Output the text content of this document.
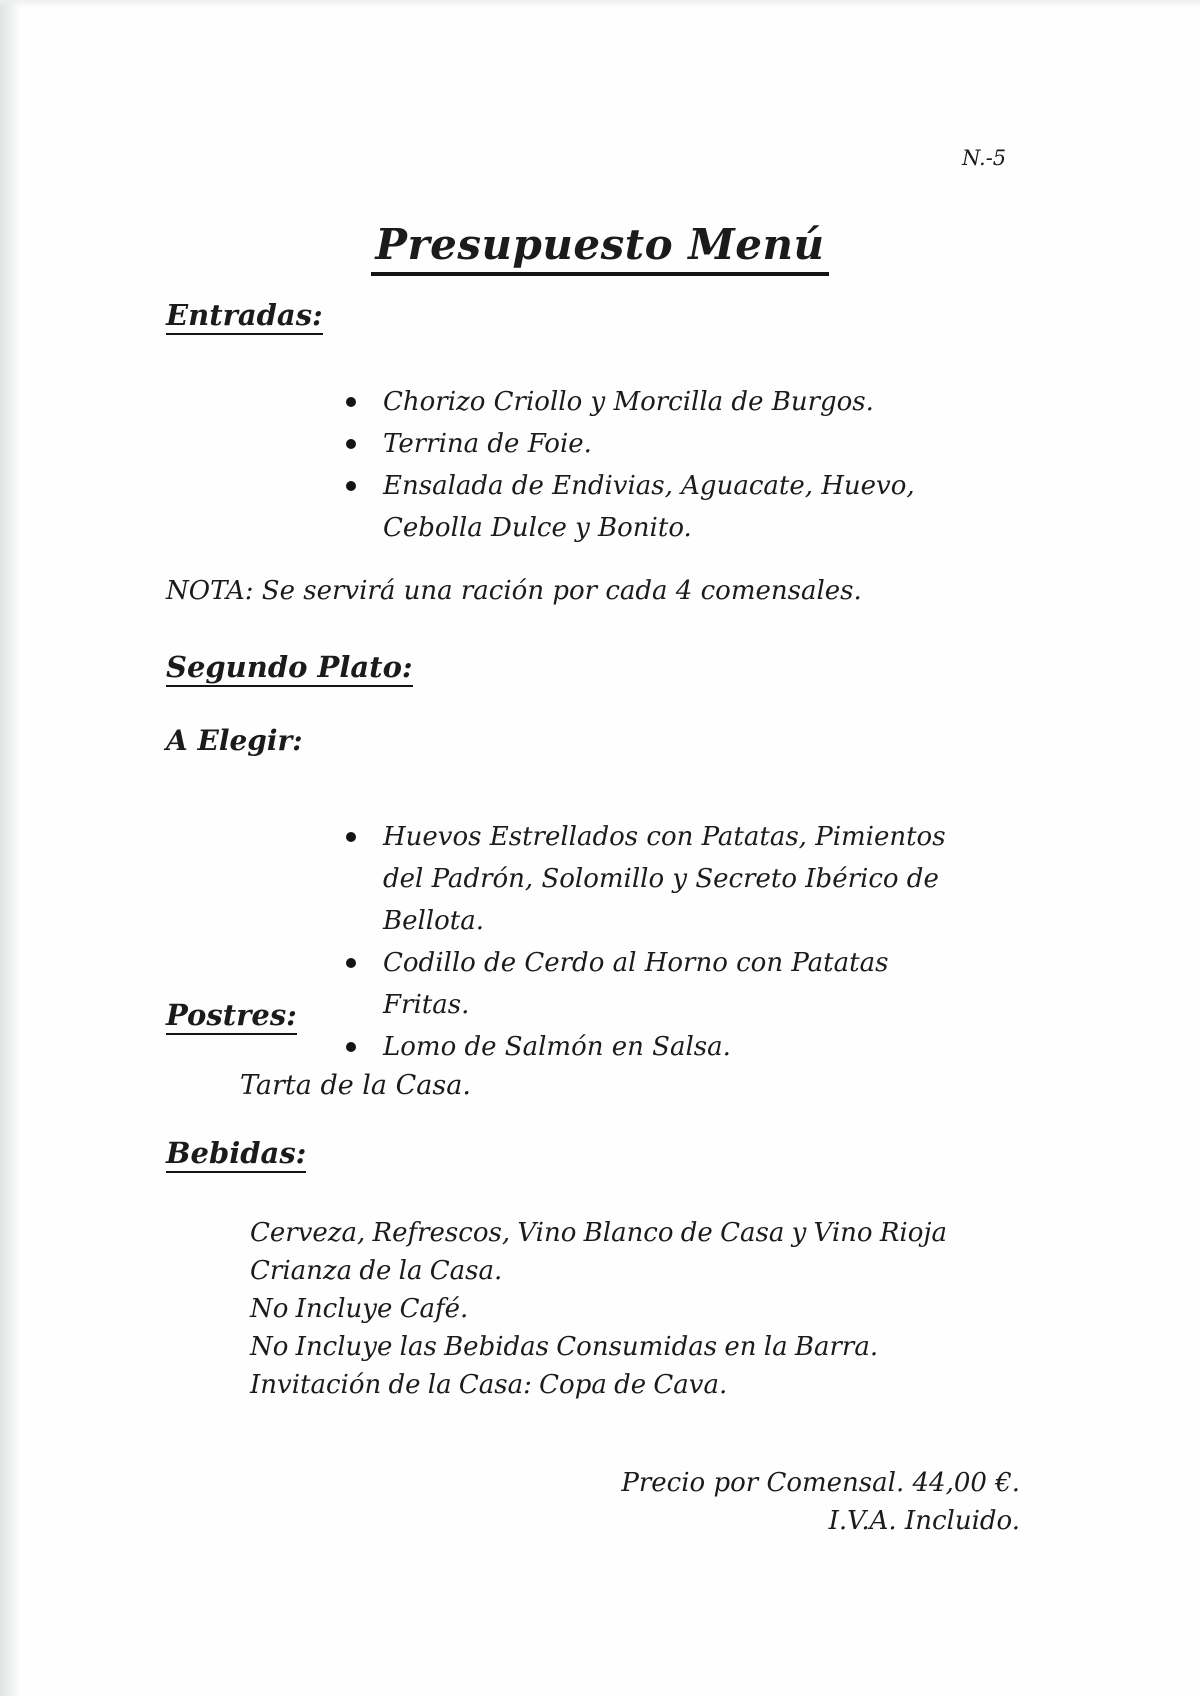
N.-5
Presupuesto Menú
Entradas:
Chorizo Criollo y Morcilla de Burgos.
Terrina de Foie.
Ensalada de Endivias, Aguacate, Huevo, Cebolla Dulce y Bonito.
NOTA: Se servirá una ración por cada 4 comensales.
Segundo Plato:
A Elegir:
Huevos Estrellados con Patatas, Pimientos del Padrón, Solomillo y Secreto Ibérico de Bellota.
Codillo de Cerdo al Horno con Patatas Fritas.
Lomo de Salmón en Salsa.
Postres:
Tarta de la Casa.
Bebidas:
Cerveza, Refrescos, Vino Blanco de Casa y Vino Rioja Crianza de la Casa.
No Incluye Café.
No Incluye las Bebidas Consumidas en la Barra.
Invitación de la Casa: Copa de Cava.
Precio por Comensal. 44,00 €.
I.V.A. Incluido.
